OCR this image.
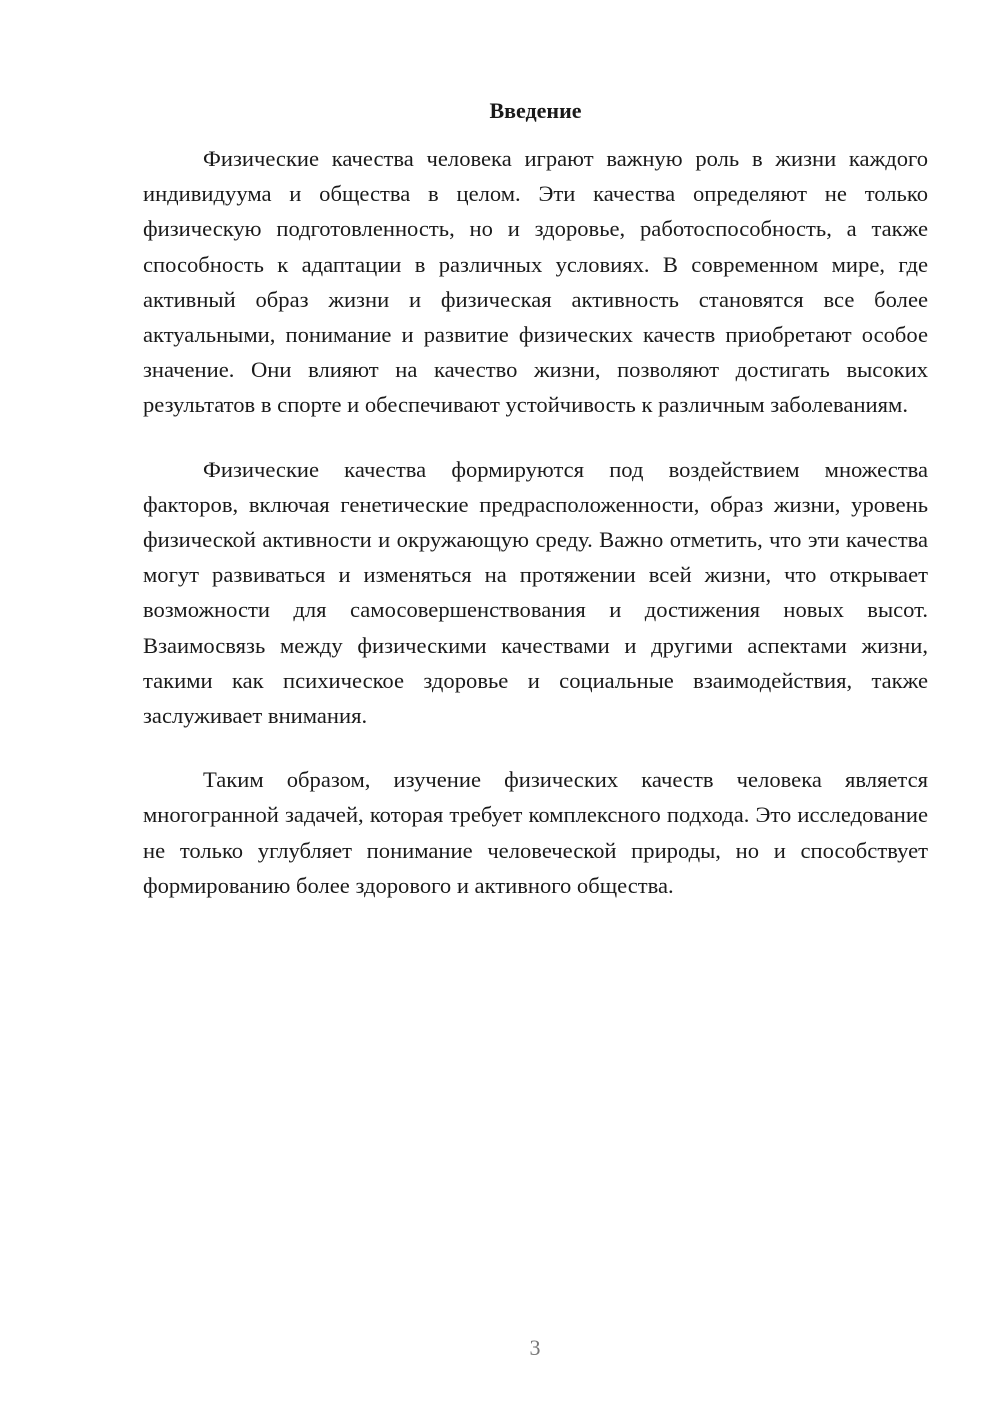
Введение

Физические качества человека играют важную роль в жизни каждого индивидуума и общества в целом. Эти качества определяют не только физическую подготовленность, но и здоровье, работоспособность, а также способность к адаптации в различных условиях. В современном мире, где активный образ жизни и физическая активность становятся все более актуальными, понимание и развитие физических качеств приобретают особое значение. Они влияют на качество жизни, позволяют достигать высоких результатов в спорте и обеспечивают устойчивость к различным заболеваниям.

Физические качества формируются под воздействием множества факторов, включая генетические предрасположенности, образ жизни, уровень физической активности и окружающую среду. Важно отметить, что эти качества могут развиваться и изменяться на протяжении всей жизни, что открывает возможности для самосовершенствования и достижения новых высот. Взаимосвязь между физическими качествами и другими аспектами жизни, такими как психическое здоровье и социальные взаимодействия, также заслуживает внимания.

Таким образом, изучение физических качеств человека является многогранной задачей, которая требует комплексного подхода. Это исследование не только углубляет понимание человеческой природы, но и способствует формированию более здорового и активного общества.

3
